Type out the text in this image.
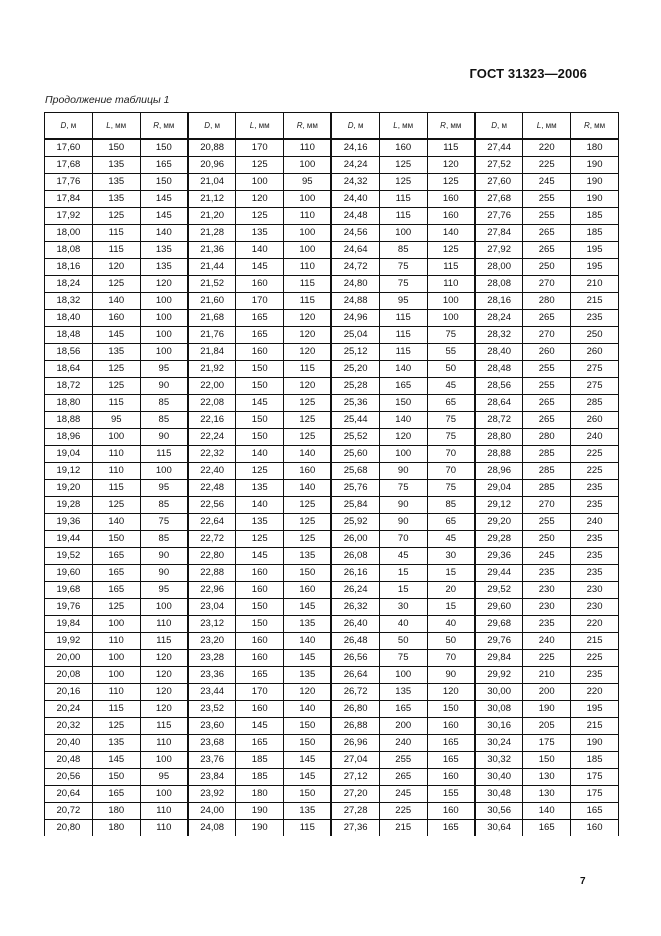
ГОСТ 31323—2006
Продолжение таблицы 1
D, м	L, мм	R, мм	D, м	L, мм	R, мм	D, м	L, мм	R, мм	D, м	L, мм	R, мм
17,60	150	150	20,88	170	110	24,16	160	115	27,44	220	180
17,68	135	165	20,96	125	100	24,24	125	120	27,52	225	190
17,76	135	150	21,04	100	95	24,32	125	125	27,60	245	190
17,84	135	145	21,12	120	100	24,40	115	160	27,68	255	190
17,92	125	145	21,20	125	110	24,48	115	160	27,76	255	185
18,00	115	140	21,28	135	100	24,56	100	140	27,84	265	185
18,08	115	135	21,36	140	100	24,64	85	125	27,92	265	195
18,16	120	135	21,44	145	110	24,72	75	115	28,00	250	195
18,24	125	120	21,52	160	115	24,80	75	110	28,08	270	210
18,32	140	100	21,60	170	115	24,88	95	100	28,16	280	215
18,40	160	100	21,68	165	120	24,96	115	100	28,24	265	235
18,48	145	100	21,76	165	120	25,04	115	75	28,32	270	250
18,56	135	100	21,84	160	120	25,12	115	55	28,40	260	260
18,64	125	95	21,92	150	115	25,20	140	50	28,48	255	275
18,72	125	90	22,00	150	120	25,28	165	45	28,56	255	275
18,80	115	85	22,08	145	125	25,36	150	65	28,64	265	285
18,88	95	85	22,16	150	125	25,44	140	75	28,72	265	260
18,96	100	90	22,24	150	125	25,52	120	75	28,80	280	240
19,04	110	115	22,32	140	140	25,60	100	70	28,88	285	225
19,12	110	100	22,40	125	160	25,68	90	70	28,96	285	225
19,20	115	95	22,48	135	140	25,76	75	75	29,04	285	235
19,28	125	85	22,56	140	125	25,84	90	85	29,12	270	235
19,36	140	75	22,64	135	125	25,92	90	65	29,20	255	240
19,44	150	85	22,72	125	125	26,00	70	45	29,28	250	235
19,52	165	90	22,80	145	135	26,08	45	30	29,36	245	235
19,60	165	90	22,88	160	150	26,16	15	15	29,44	235	235
19,68	165	95	22,96	160	160	26,24	15	20	29,52	230	230
19,76	125	100	23,04	150	145	26,32	30	15	29,60	230	230
19,84	100	110	23,12	150	135	26,40	40	40	29,68	235	220
19,92	110	115	23,20	160	140	26,48	50	50	29,76	240	215
20,00	100	120	23,28	160	145	26,56	75	70	29,84	225	225
20,08	100	120	23,36	165	135	26,64	100	90	29,92	210	235
20,16	110	120	23,44	170	120	26,72	135	120	30,00	200	220
20,24	115	120	23,52	160	140	26,80	165	150	30,08	190	195
20,32	125	115	23,60	145	150	26,88	200	160	30,16	205	215
20,40	135	110	23,68	165	150	26,96	240	165	30,24	175	190
20,48	145	100	23,76	185	145	27,04	255	165	30,32	150	185
20,56	150	95	23,84	185	145	27,12	265	160	30,40	130	175
20,64	165	100	23,92	180	150	27,20	245	155	30,48	130	175
20,72	180	110	24,00	190	135	27,28	225	160	30,56	140	165
20,80	180	110	24,08	190	115	27,36	215	165	30,64	165	160
7
